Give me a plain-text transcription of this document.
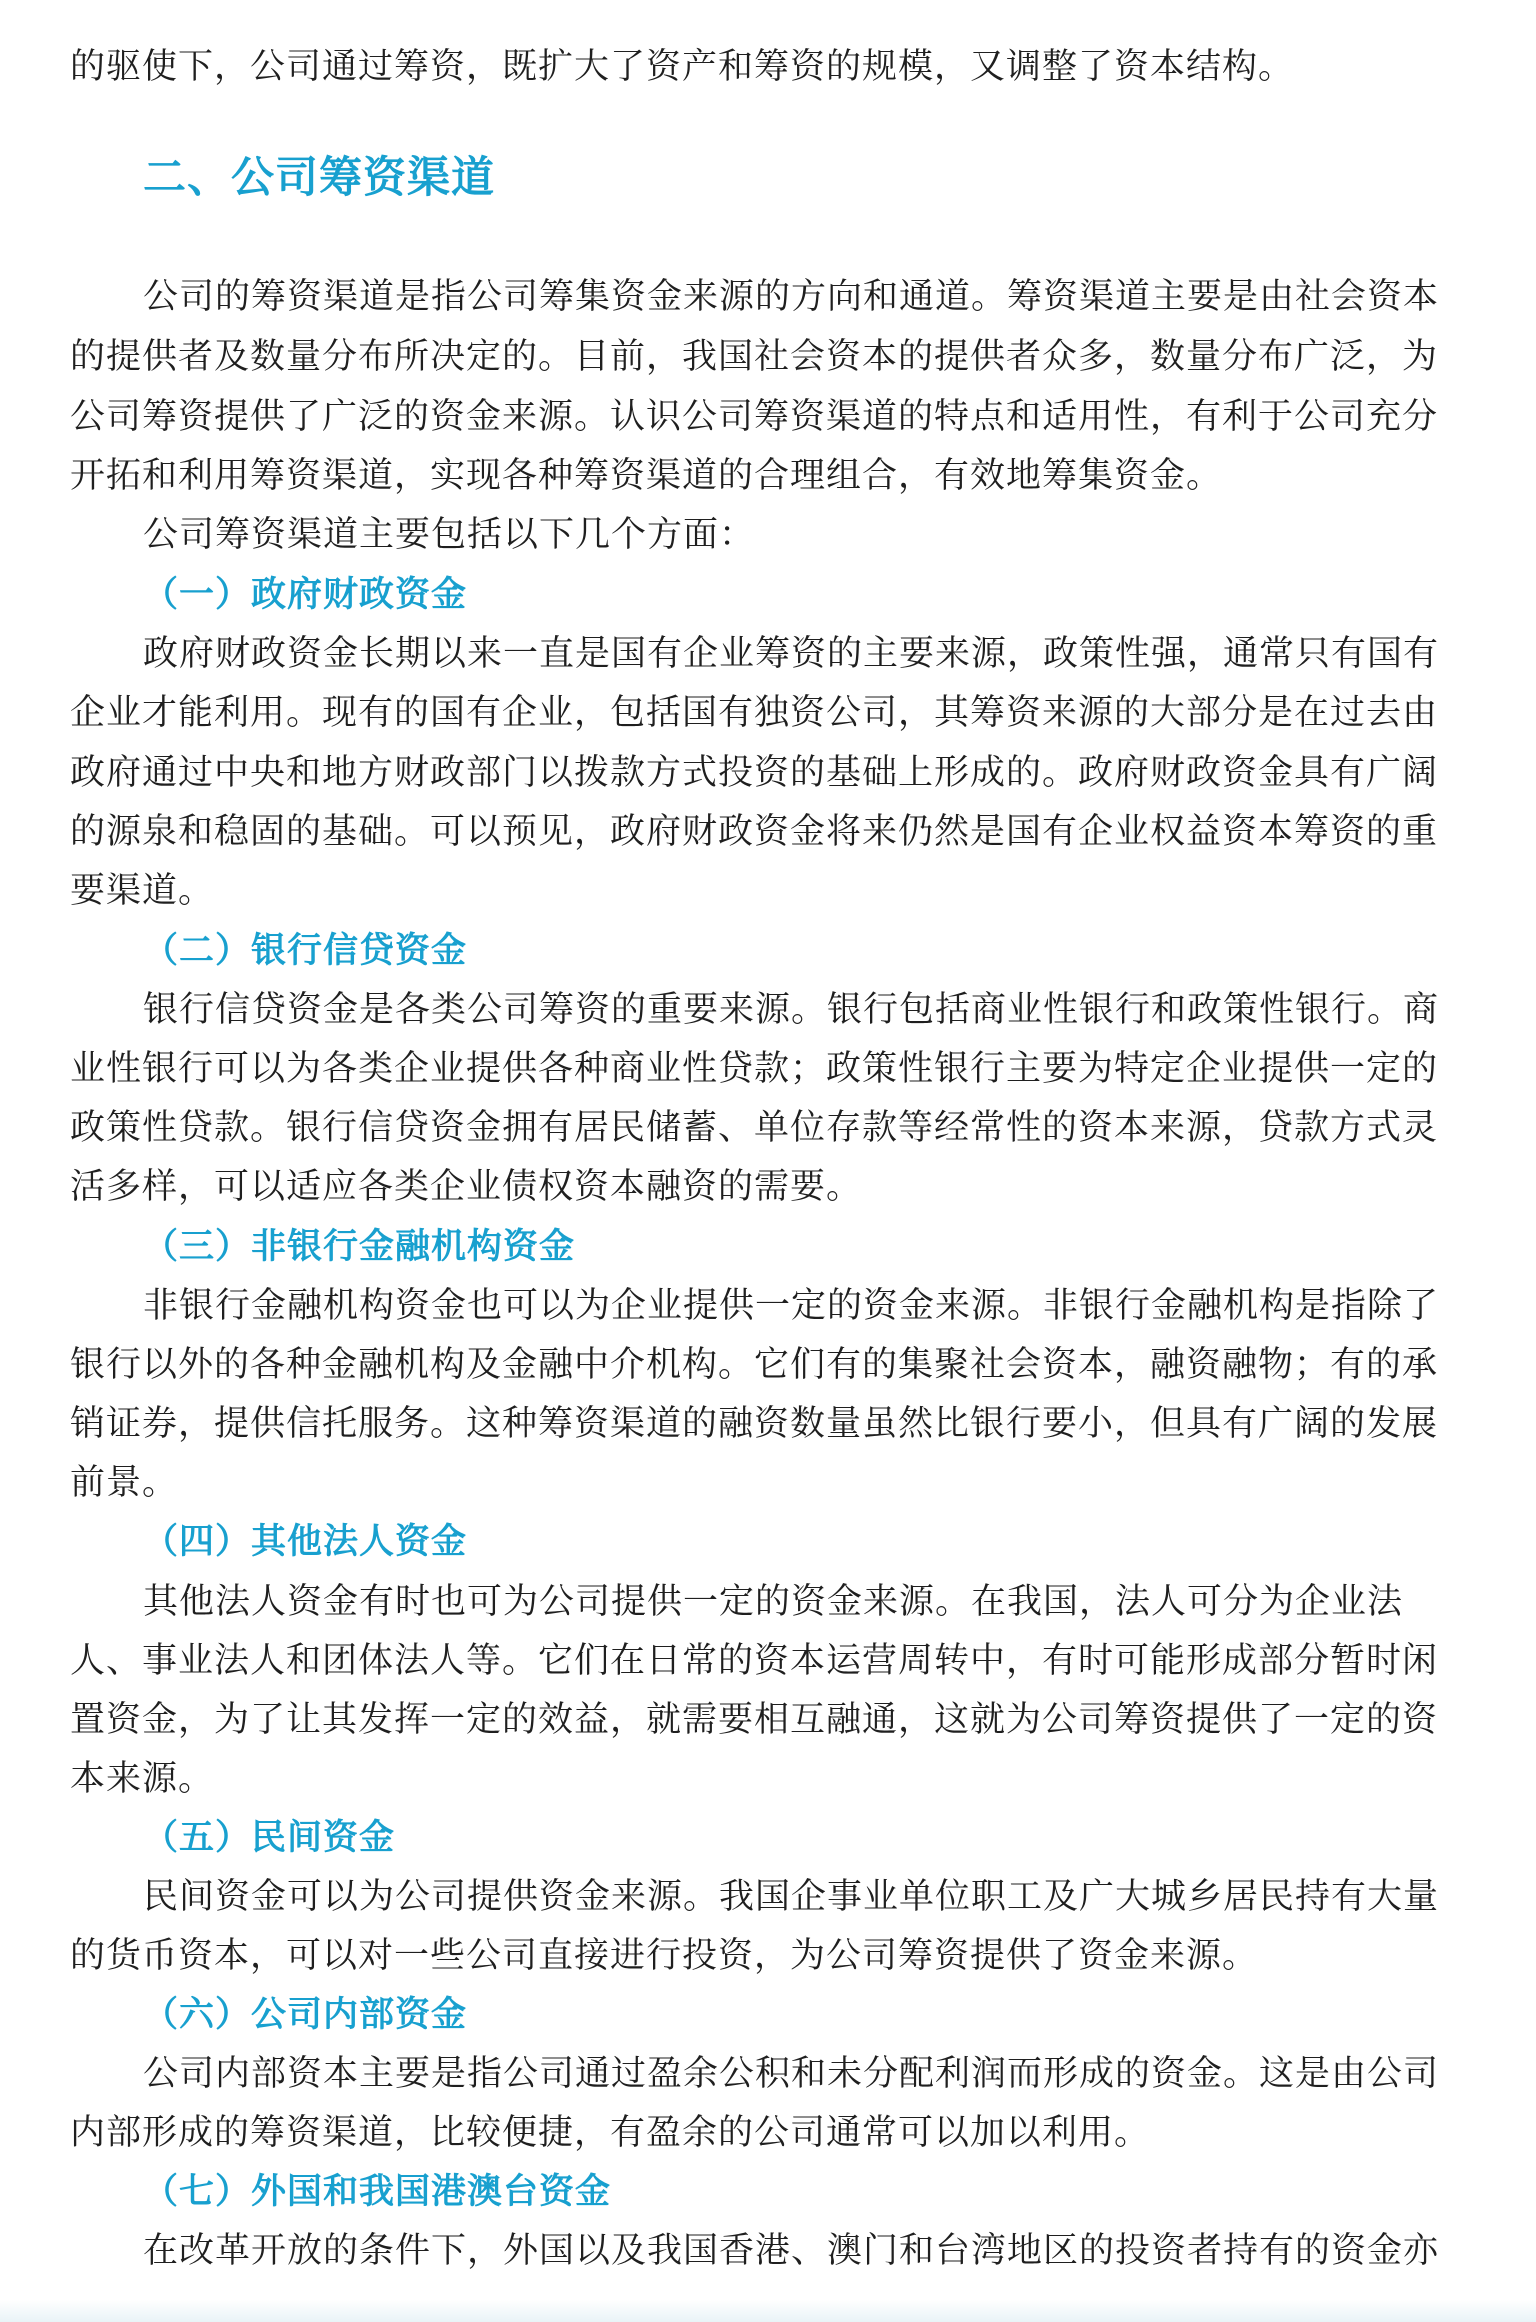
的驱使下，公司通过筹资，既扩大了资产和筹资的规模，又调整了资本结构。
二、公司筹资渠道
公司的筹资渠道是指公司筹集资金来源的方向和通道。筹资渠道主要是由社会资本
的提供者及数量分布所决定的。目前，我国社会资本的提供者众多，数量分布广泛，为
公司筹资提供了广泛的资金来源。认识公司筹资渠道的特点和适用性，有利于公司充分
开拓和利用筹资渠道，实现各种筹资渠道的合理组合，有效地筹集资金。
公司筹资渠道主要包括以下几个方面：
（一）政府财政资金
政府财政资金长期以来一直是国有企业筹资的主要来源，政策性强，通常只有国有
企业才能利用。现有的国有企业，包括国有独资公司，其筹资来源的大部分是在过去由
政府通过中央和地方财政部门以拨款方式投资的基础上形成的。政府财政资金具有广阔
的源泉和稳固的基础。可以预见，政府财政资金将来仍然是国有企业权益资本筹资的重
要渠道。
（二）银行信贷资金
银行信贷资金是各类公司筹资的重要来源。银行包括商业性银行和政策性银行。商
业性银行可以为各类企业提供各种商业性贷款；政策性银行主要为特定企业提供一定的
政策性贷款。银行信贷资金拥有居民储蓄、单位存款等经常性的资本来源，贷款方式灵
活多样，可以适应各类企业债权资本融资的需要。
（三）非银行金融机构资金
非银行金融机构资金也可以为企业提供一定的资金来源。非银行金融机构是指除了
银行以外的各种金融机构及金融中介机构。它们有的集聚社会资本，融资融物；有的承
销证券，提供信托服务。这种筹资渠道的融资数量虽然比银行要小，但具有广阔的发展
前景。
（四）其他法人资金
其他法人资金有时也可为公司提供一定的资金来源。在我国，法人可分为企业法
人、事业法人和团体法人等。它们在日常的资本运营周转中，有时可能形成部分暂时闲
置资金，为了让其发挥一定的效益，就需要相互融通，这就为公司筹资提供了一定的资
本来源。
（五）民间资金
民间资金可以为公司提供资金来源。我国企事业单位职工及广大城乡居民持有大量
的货币资本，可以对一些公司直接进行投资，为公司筹资提供了资金来源。
（六）公司内部资金
公司内部资本主要是指公司通过盈余公积和未分配利润而形成的资金。这是由公司
内部形成的筹资渠道，比较便捷，有盈余的公司通常可以加以利用。
（七）外国和我国港澳台资金
在改革开放的条件下，外国以及我国香港、澳门和台湾地区的投资者持有的资金亦
